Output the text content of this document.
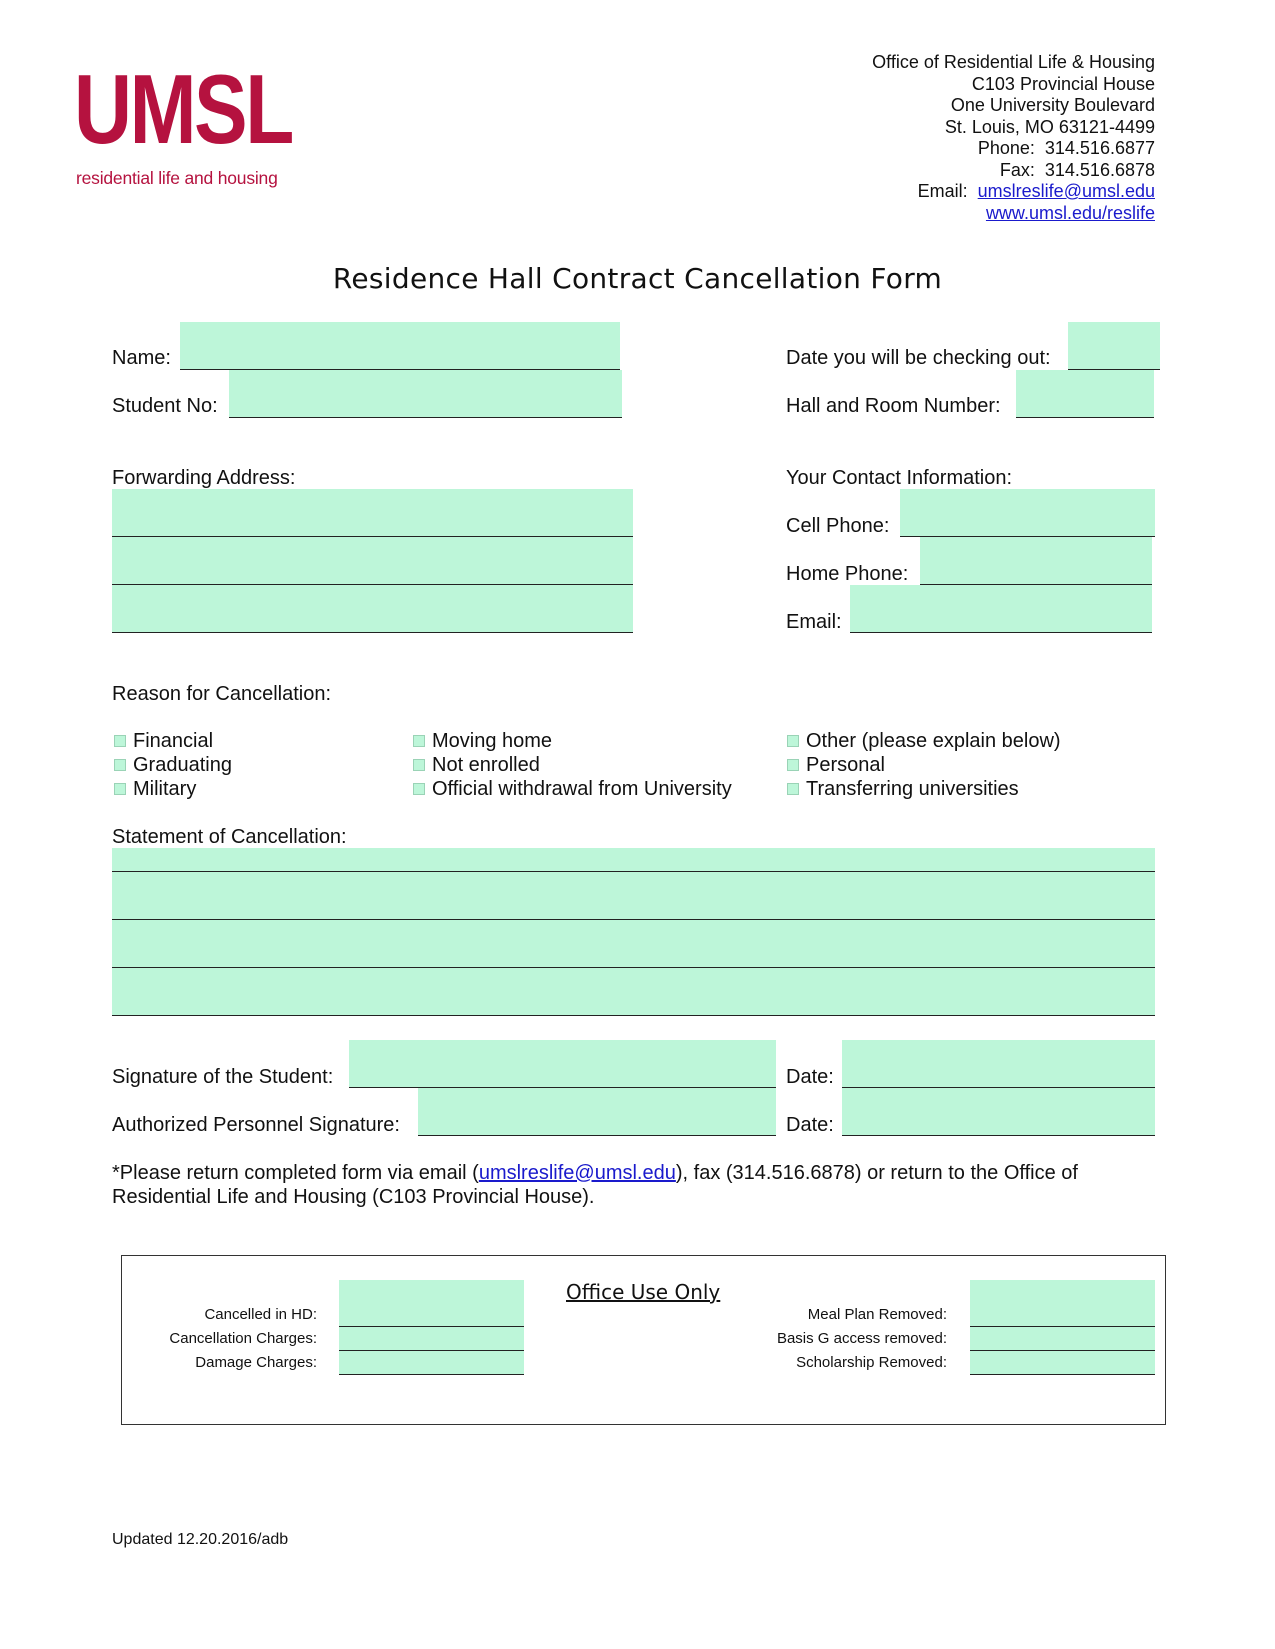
UMSL
residential life and housing
Office of Residential Life & Housing
C103 Provincial House
One University Boulevard
St. Louis, MO 63121-4499
Phone: 314.516.6877
Fax: 314.516.6878
Email: umslreslife@umsl.edu
www.umsl.edu/reslife
Residence Hall Contract Cancellation Form
Name:
Student No:
Date you will be checking out:
Hall and Room Number:
Forwarding Address:	Your Contact Information:
Cell Phone:
Home Phone:
Email:
Reason for Cancellation:
Financial
Graduating
Military
Moving home
Not enrolled
Official withdrawal from University
Other (please explain below)
Personal
Transferring universities
Statement of Cancellation:
Signature of the Student:	Date:
Authorized Personnel Signature:	Date:
*Please return completed form via email (umslreslife@umsl.edu), fax (314.516.6878) or return to the Office of
Residential Life and Housing (C103 Provincial House).
Office Use Only
Cancelled in HD:
Cancellation Charges:
Damage Charges:
Meal Plan Removed:
Basis G access removed:
Scholarship Removed:
Updated 12.20.2016/adb
